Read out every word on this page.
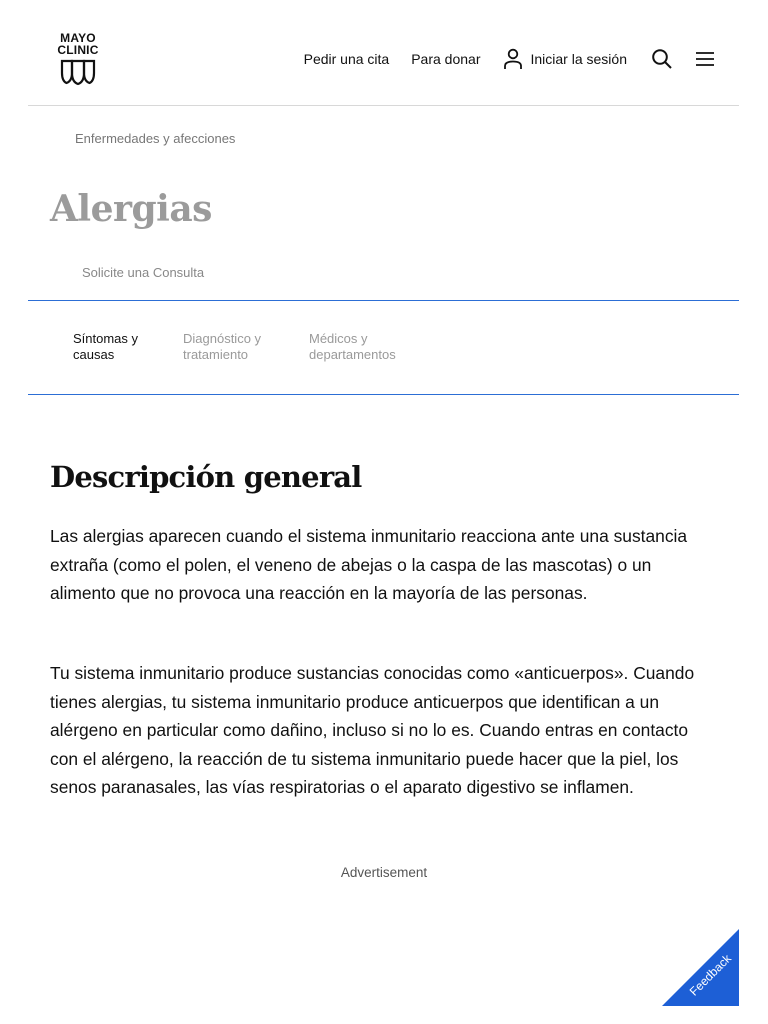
MAYO
CLINIC
Pedir una cita Para donar	Iniciar la sesión
Enfermedades y afecciones
Alergias
Solicite una Consulta
Síntomas y
causas
Diagnóstico y
tratamiento
Médicos y
departamentos
Descripción general

Las alergias aparecen cuando el sistema inmunitario reacciona ante una sustancia extraña (como el polen, el veneno de abejas o la caspa de las mascotas) o un alimento que no provoca una reacción en la mayoría de las personas.

Tu sistema inmunitario produce sustancias conocidas como «anticuerpos». Cuando tienes alergias, tu sistema inmunitario produce anticuerpos que identifican a un alérgeno en particular como dañino, incluso si no lo es. Cuando entras en contacto con el alérgeno, la reacción de tu sistema inmunitario puede hacer que la piel, los senos paranasales, las vías respiratorias o el aparato digestivo se inflamen.

Advertisement
Feedback
